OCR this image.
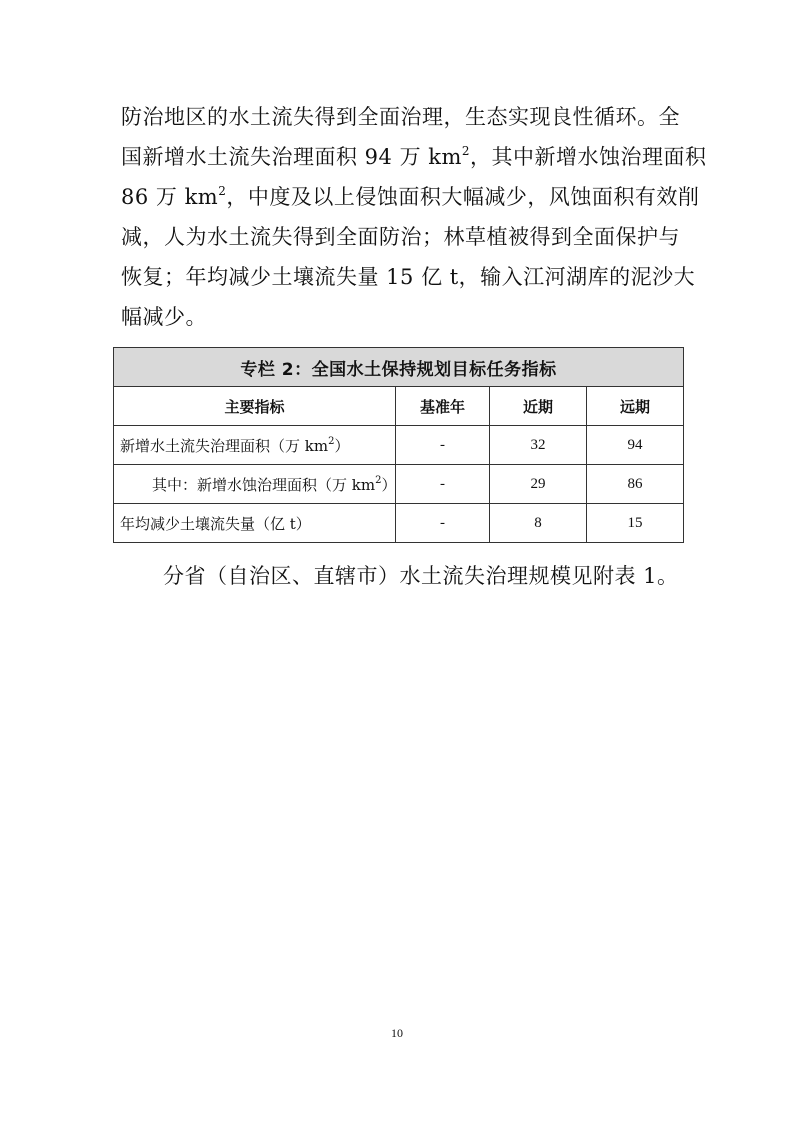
防治地区的水土流失得到全面治理，生态实现良性循环。全
国新增水土流失治理面积 94 万 $km^2$，其中新增水蚀治理面积
86 万 $km^2$，中度及以上侵蚀面积大幅减少，风蚀面积有效削
减，人为水土流失得到全面防治；林草植被得到全面保护与
恢复；年均减少土壤流失量 15 亿 t，输入江河湖库的泥沙大
幅减少。
专栏 2：全国水土保持规划目标任务指标			
主要指标	基准年	近期	远期
新增水土流失治理面积（万 $km^2$）	-	32	94
其中：新增水蚀治理面积（万 $km^2$）	-	29	86
年均减少土壤流失量（亿 t）	-	8	15
分省（自治区、直辖市）水土流失治理规模见附表 1。
10
